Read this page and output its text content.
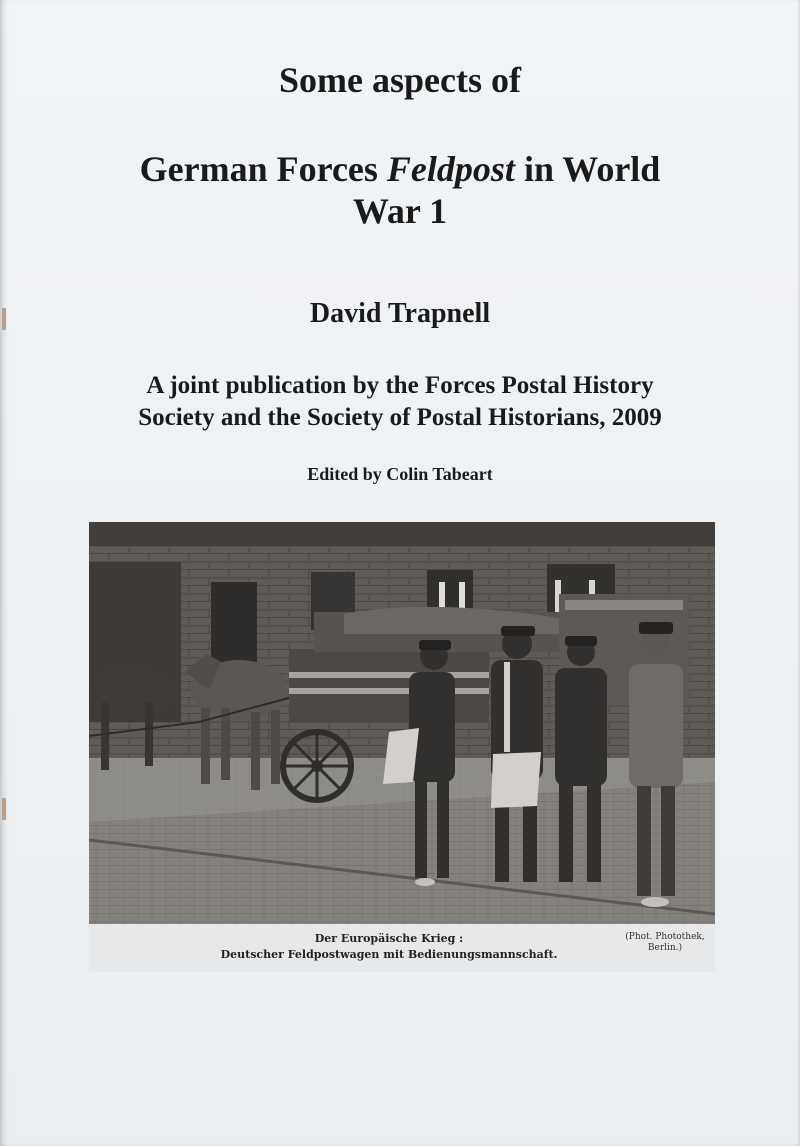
Some aspects of
German Forces Feldpost in World
War 1
David Trapnell
A joint publication by the Forces Postal History
Society and the Society of Postal Historians, 2009
Edited by Colin Tabeart
Der Europäische Krieg :
Deutscher Feldpostwagen mit Bedienungsmannschaft.
(Phot. Photothek,
Berlin.)
